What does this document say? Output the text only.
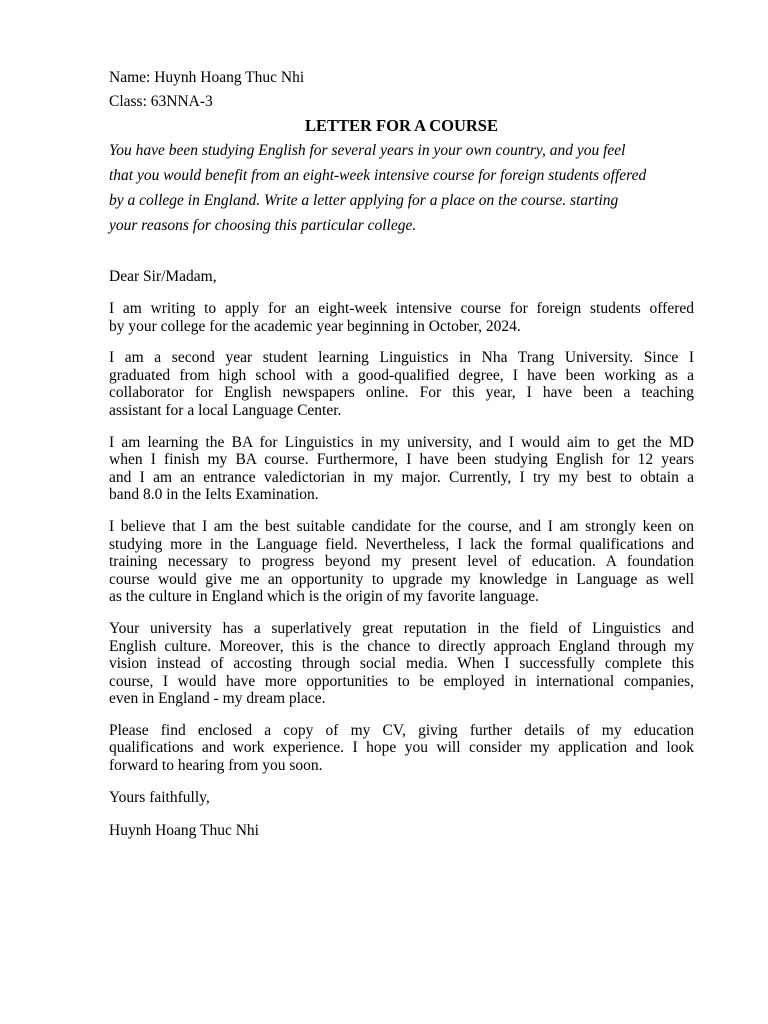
Name: Huynh Hoang Thuc Nhi

Class: 63NNA-3

LETTER FOR A COURSE
You have been studying English for several years in your own country, and you feel
that you would benefit from an eight-week intensive course for foreign students offered
by a college in England. Write a letter applying for a place on the course. starting
your reasons for choosing this particular college.

Dear Sir/Madam,

I am writing to apply for an eight-week intensive course for foreign students offered
by your college for the academic year beginning in October, 2024.
I am a second year student learning Linguistics in Nha Trang University. Since I
graduated from high school with a good-qualified degree, I have been working as a
collaborator for English newspapers online. For this year, I have been a teaching
assistant for a local Language Center.
I am learning the BA for Linguistics in my university, and I would aim to get the MD
when I finish my BA course. Furthermore, I have been studying English for 12 years
and I am an entrance valedictorian in my major. Currently, I try my best to obtain a
band 8.0 in the Ielts Examination.
I believe that I am the best suitable candidate for the course, and I am strongly keen on
studying more in the Language field. Nevertheless, I lack the formal qualifications and
training necessary to progress beyond my present level of education. A foundation
course would give me an opportunity to upgrade my knowledge in Language as well
as the culture in England which is the origin of my favorite language.
Your university has a superlatively great reputation in the field of Linguistics and
English culture. Moreover, this is the chance to directly approach England through my
vision instead of accosting through social media. When I successfully complete this
course, I would have more opportunities to be employed in international companies,
even in England - my dream place.
Please find enclosed a copy of my CV, giving further details of my education
qualifications and work experience. I hope you will consider my application and look
forward to hearing from you soon.

Yours faithfully,

Huynh Hoang Thuc Nhi
